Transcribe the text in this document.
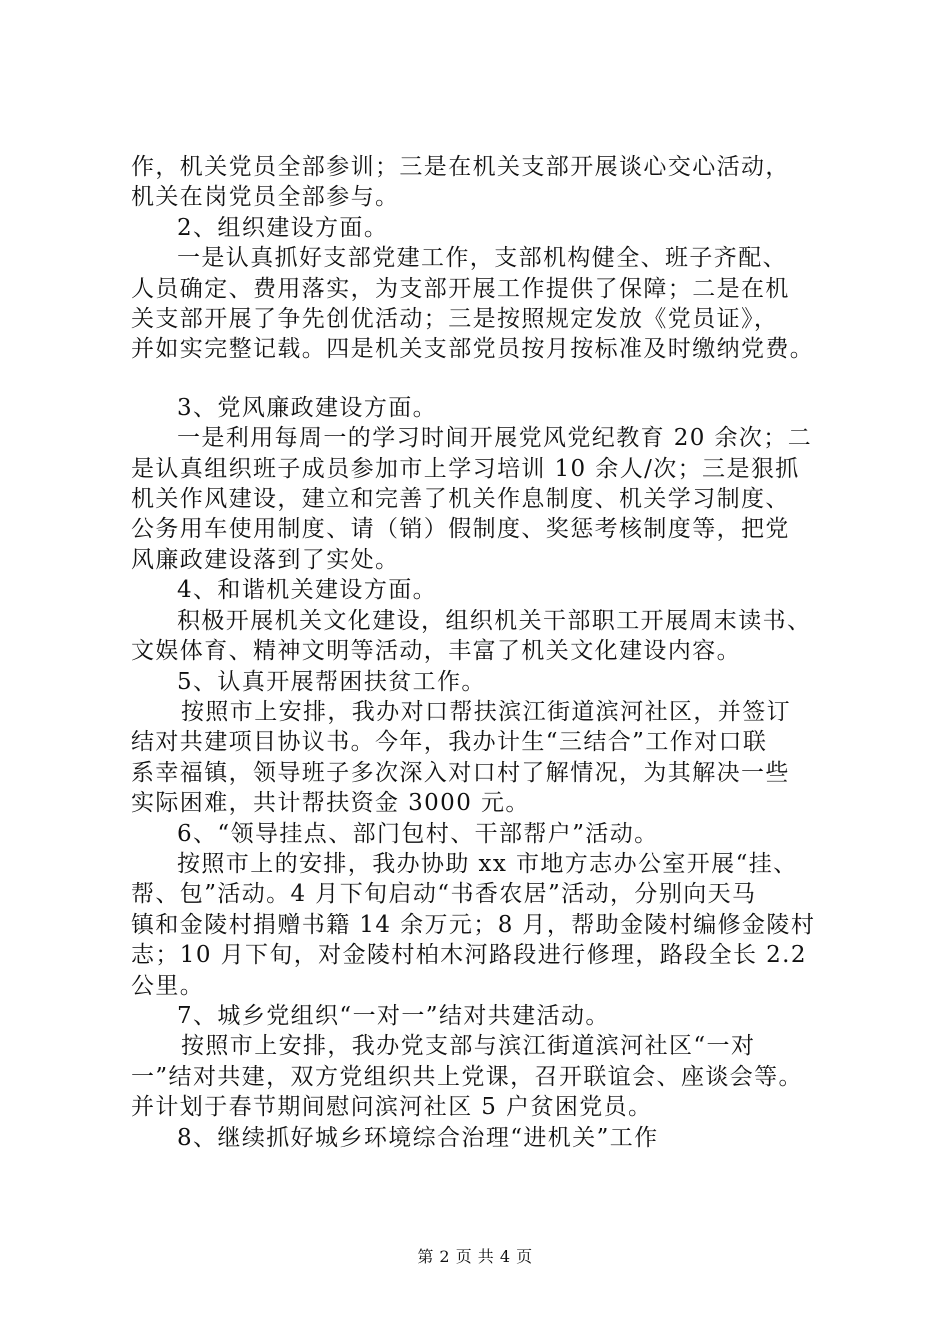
作，机关党员全部参训；三是在机关支部开展谈心交心活动，
机关在岗党员全部参与。
2、组织建设方面。
一是认真抓好支部党建工作，支部机构健全、班子齐配、
人员确定、费用落实，为支部开展工作提供了保障；二是在机
关支部开展了争先创优活动；三是按照规定发放《党员证》，
并如实完整记载。四是机关支部党员按月按标准及时缴纳党费。
3、党风廉政建设方面。
一是利用每周一的学习时间开展党风党纪教育 20 余次；二
是认真组织班子成员参加市上学习培训 10 余人/次；三是狠抓
机关作风建设，建立和完善了机关作息制度、机关学习制度、
公务用车使用制度、请（销）假制度、奖惩考核制度等，把党
风廉政建设落到了实处。
4、和谐机关建设方面。
积极开展机关文化建设，组织机关干部职工开展周末读书、
文娱体育、精神文明等活动，丰富了机关文化建设内容。
5、认真开展帮困扶贫工作。
按照市上安排，我办对口帮扶滨江街道滨河社区，并签订
结对共建项目协议书。今年，我办计生“三结合”工作对口联
系幸福镇，领导班子多次深入对口村了解情况，为其解决一些
实际困难，共计帮扶资金 3000 元。
6、“领导挂点、部门包村、干部帮户”活动。
按照市上的安排，我办协助 xx 市地方志办公室开展“挂、
帮、包”活动。4 月下旬启动“书香农居”活动，分别向天马
镇和金陵村捐赠书籍 14 余万元；8 月，帮助金陵村编修金陵村
志；10 月下旬，对金陵村柏木河路段进行修理，路段全长 2.2
公里。
7、城乡党组织“一对一”结对共建活动。
按照市上安排，我办党支部与滨江街道滨河社区“一对
一”结对共建，双方党组织共上党课，召开联谊会、座谈会等。
并计划于春节期间慰问滨河社区 5 户贫困党员。
8、继续抓好城乡环境综合治理“进机关”工作
第 2 页 共 4 页
